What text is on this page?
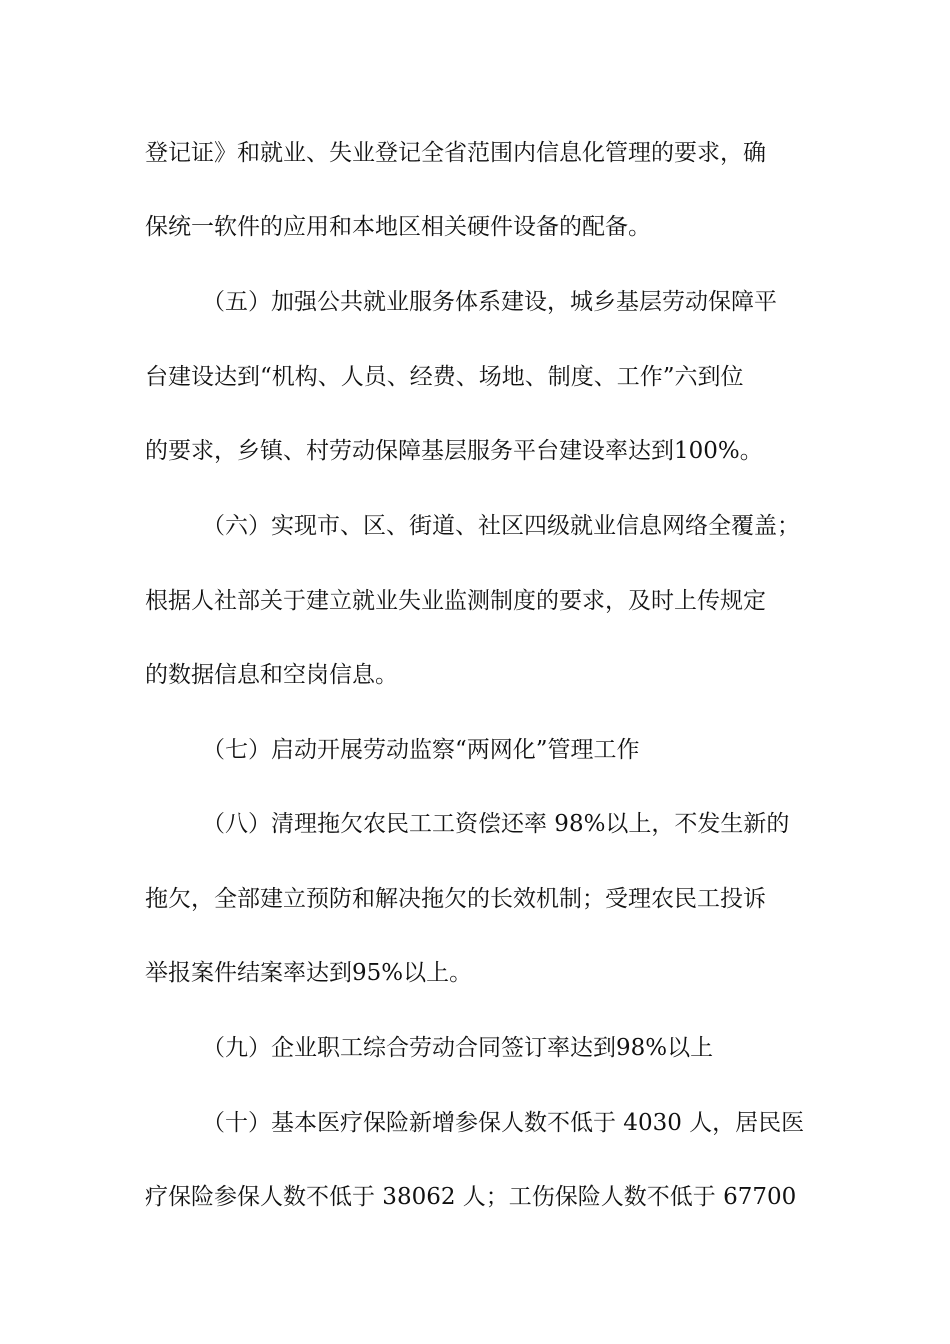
登记证》和就业、失业登记全省范围内信息化管理的要求，确
保统一软件的应用和本地区相关硬件设备的配备。
（五）加强公共就业服务体系建设，城乡基层劳动保障平
台建设达到“机构、人员、经费、场地、制度、工作”六到位
的要求，乡镇、村劳动保障基层服务平台建设率达到100%。
（六）实现市、区、街道、社区四级就业信息网络全覆盖；
根据人社部关于建立就业失业监测制度的要求，及时上传规定
的数据信息和空岗信息。
（七）启动开展劳动监察“两网化”管理工作
（八）清理拖欠农民工工资偿还率 98%以上，不发生新的
拖欠，全部建立预防和解决拖欠的长效机制；受理农民工投诉
举报案件结案率达到95%以上。
（九）企业职工综合劳动合同签订率达到98%以上
（十）基本医疗保险新增参保人数不低于 4030 人，居民医
疗保险参保人数不低于 38062 人；工伤保险人数不低于 67700
